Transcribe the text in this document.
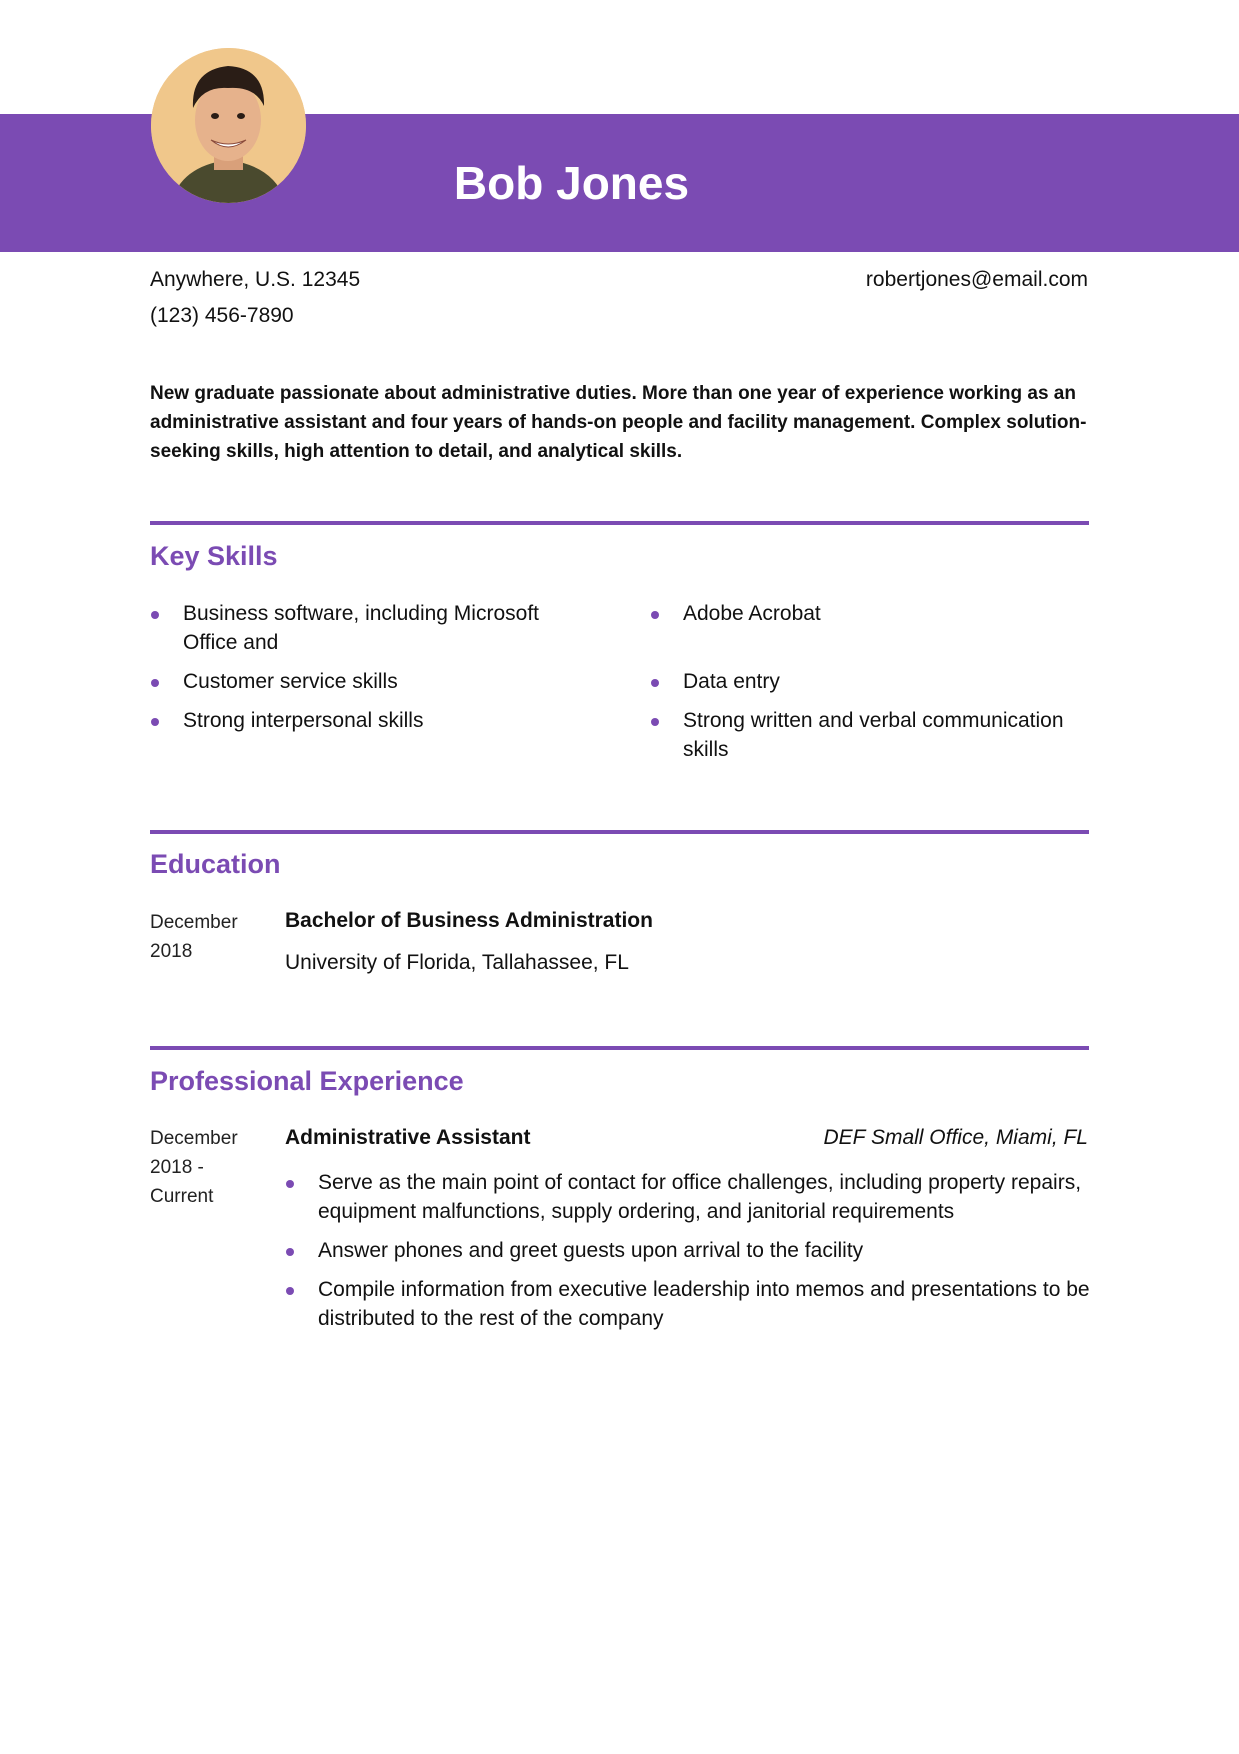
Bob Jones
Anywhere, U.S. 12345
(123) 456-7890
robertjones@email.com
New graduate passionate about administrative duties. More than one year of experience working as an administrative assistant and four years of hands-on people and facility management. Complex solution-seeking skills, high attention to detail, and analytical skills.
Key Skills
Business software, including Microsoft Office and
Customer service skills
Strong interpersonal skills
Adobe Acrobat
Data entry
Strong written and verbal communication skills
Education
December
2018
Bachelor of Business Administration
University of Florida, Tallahassee, FL
Professional Experience
December
2018 -
Current
Administrative Assistant	DEF Small Office, Miami, FL
Serve as the main point of contact for office challenges, including property repairs, equipment malfunctions, supply ordering, and janitorial requirements
Answer phones and greet guests upon arrival to the facility
Compile information from executive leadership into memos and presentations to be distributed to the rest of the company
